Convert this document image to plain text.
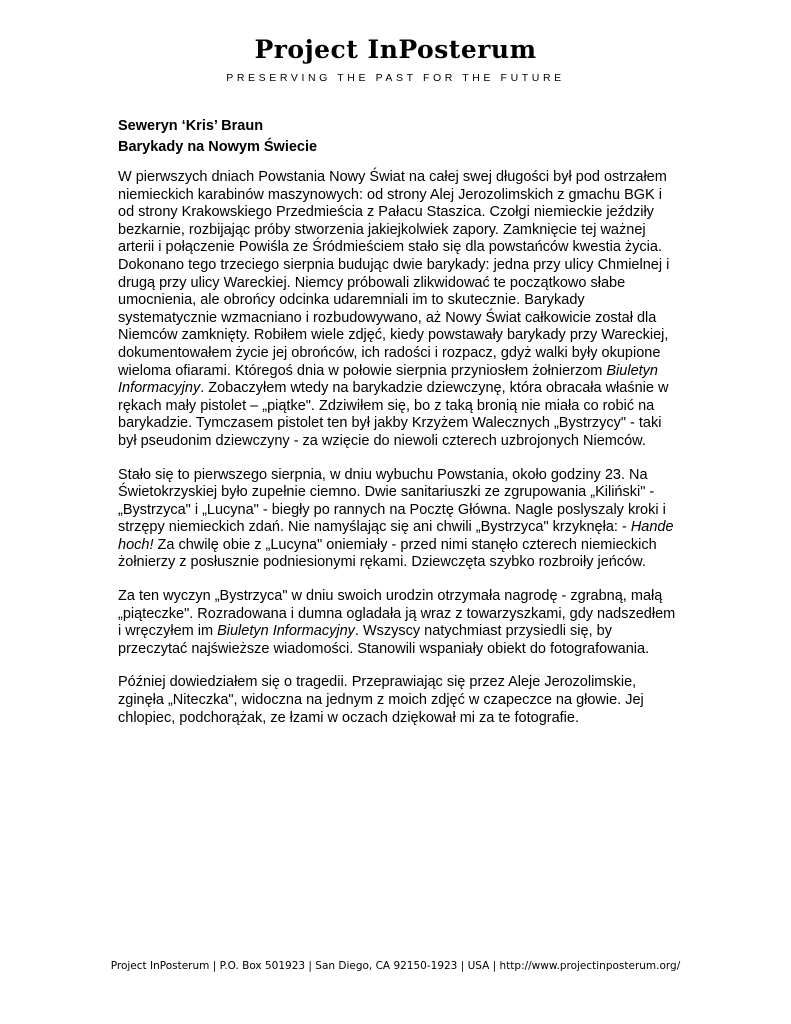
Project InPosterum
PRESERVING THE PAST FOR THE FUTURE
Seweryn ‘Kris’ Braun
Barykady na Nowym Świecie

W pierwszych dniach Powstania Nowy Świat na całej swej długości był pod ostrzałem niemieckich karabinów maszynowych: od strony Alej Jerozolimskich z gmachu BGK i od strony Krakowskiego Przedmieścia z Pałacu Staszica. Czołgi niemieckie jeździły bezkarnie, rozbijając próby stworzenia jakiejkolwiek zapory. Zamknięcie tej ważnej arterii i połączenie Powiśla ze Śródmieściem stało się dla powstańców kwestia życia. Dokonano tego trzeciego sierpnia budując dwie barykady: jedna przy ulicy Chmielnej i drugą przy ulicy Wareckiej. Niemcy próbowali zlikwidować te początkowo słabe umocnienia, ale obrońcy odcinka udaremniali im to skutecznie. Barykady systematycznie wzmacniano i rozbudowywano, aż Nowy Świat całkowicie został dla Niemców zamknięty. Robiłem wiele zdjęć, kiedy powstawały barykady przy Wareckiej, dokumentowałem życie jej obrońców, ich radości i rozpacz, gdyż walki były okupione wieloma ofiarami. Któregoś dnia w połowie sierpnia przyniosłem żołnierzom Biuletyn Informacyjny. Zobaczyłem wtedy na barykadzie dziewczynę, która obracała właśnie w rękach mały pistolet – „piątke". Zdziwiłem się, bo z taką bronią nie miała co robić na barykadzie. Tymczasem pistolet ten był jakby Krzyżem Walecznych „Bystrzycy" - taki był pseudonim dziewczyny - za wzięcie do niewoli czterech uzbrojonych Niemców.

Stało się to pierwszego sierpnia, w dniu wybuchu Powstania, około godziny 23. Na Świetokrzyskiej było zupełnie ciemno. Dwie sanitariuszki ze zgrupowania „Kiliński" - „Bystrzyca" i „Lucyna" - biegły po rannych na Pocztę Główna. Nagle poslyszaly kroki i strzępy niemieckich zdań. Nie namyślając się ani chwili „Bystrzyca" krzyknęła: - Hande hoch! Za chwilę obie z „Lucyna" oniemiały - przed nimi stanęło czterech niemieckich żołnierzy z posłusznie podniesionymi rękami. Dziewczęta szybko rozbroiły jeńców.

Za ten wyczyn „Bystrzyca" w dniu swoich urodzin otrzymała nagrodę - zgrabną, małą „piąteczke". Rozradowana i dumna ogladała ją wraz z towarzyszkami, gdy nadszedłem i wręczyłem im Biuletyn Informacyjny. Wszyscy natychmiast przysiedli się, by przeczytać najświeższe wiadomości. Stanowili wspaniały obiekt do fotografowania.

Później dowiedziałem się o tragedii. Przeprawiając się przez Aleje Jerozolimskie, zginęła „Niteczka", widoczna na jednym z moich zdjęć w czapeczce na głowie. Jej chlopiec, podchorążak, ze łzami w oczach dziękował mi za te fotografie.

Project InPosterum | P.O. Box 501923 | San Diego, CA 92150-1923 | USA | http://www.projectinposterum.org/
